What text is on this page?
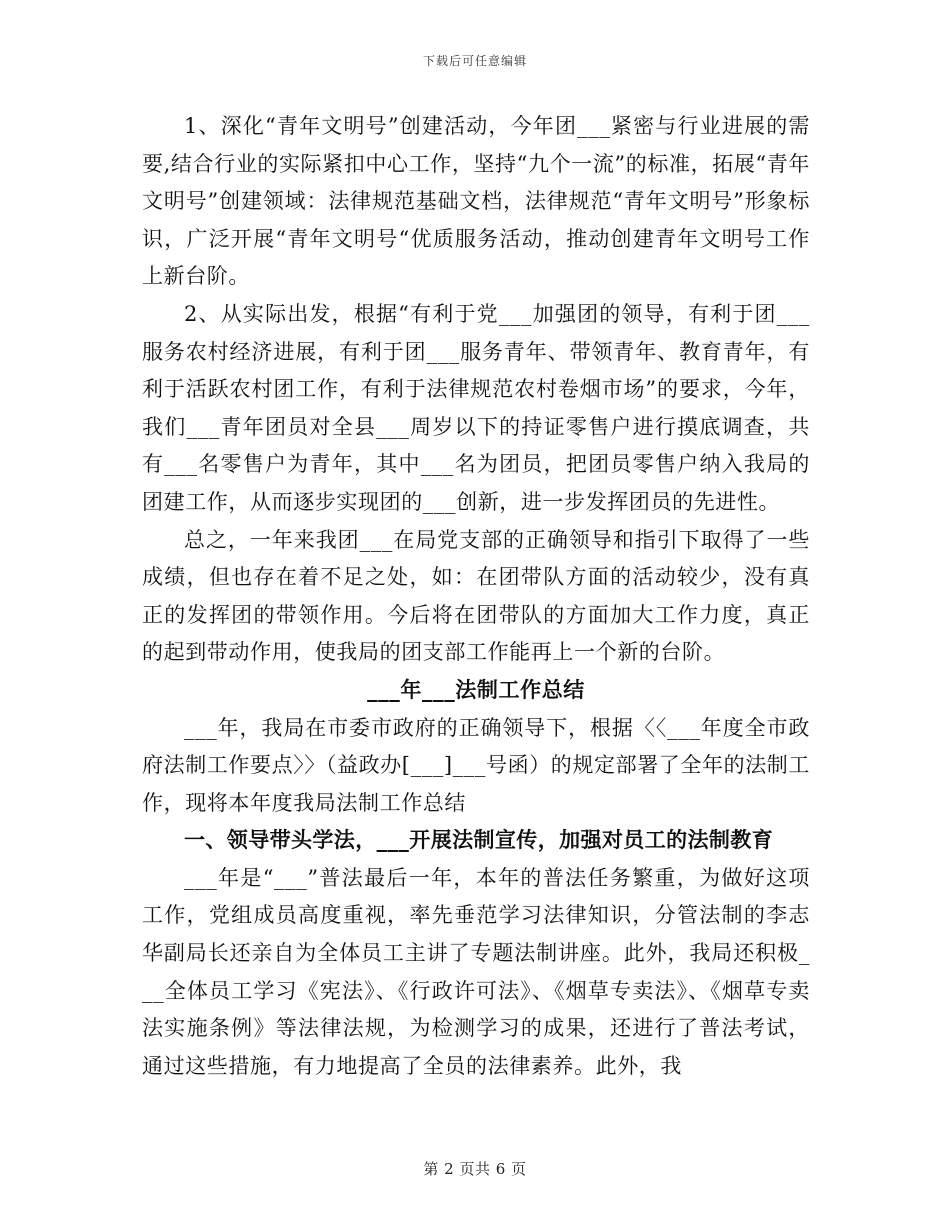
下载后可任意编辑

1、深化“青年文明号”创建活动，今年团___紧密与行业进展的需要,结合行业的实际紧扣中心工作，坚持“九个一流”的标准，拓展“青年文明号”创建领域：法律规范基础文档，法律规范“青年文明号”形象标识，广泛开展“青年文明号“优质服务活动，推动创建青年文明号工作上新台阶。

2、从实际出发，根据“有利于党___加强团的领导，有利于团___服务农村经济进展，有利于团___服务青年、带领青年、教育青年，有利于活跃农村团工作，有利于法律规范农村卷烟市场”的要求，今年，我们___青年团员对全县___周岁以下的持证零售户进行摸底调查，共有___名零售户为青年，其中___名为团员，把团员零售户纳入我局的团建工作，从而逐步实现团的___创新，进一步发挥团员的先进性。

总之，一年来我团___在局党支部的正确领导和指引下取得了一些成绩，但也存在着不足之处，如：在团带队方面的活动较少，没有真正的发挥团的带领作用。今后将在团带队的方面加大工作力度，真正的起到带动作用，使我局的团支部工作能再上一个新的台阶。

___年___法制工作总结

___年，我局在市委市政府的正确领导下，根据〈〈___年度全市政府法制工作要点〉〉（益政办[___]___号函）的规定部署了全年的法制工作，现将本年度我局法制工作总结

一、领导带头学法，___开展法制宣传，加强对员工的法制教育

___年是“___”普法最后一年，本年的普法任务繁重，为做好这项工作，党组成员高度重视，率先垂范学习法律知识，分管法制的李志华副局长还亲自为全体员工主讲了专题法制讲座。此外，我局还积极___全体员工学习《宪法》、《行政许可法》、《烟草专卖法》、《烟草专卖法实施条例》等法律法规，为检测学习的成果，还进行了普法考试，通过这些措施，有力地提高了全员的法律素养。此外，我

第 2 页共 6 页
